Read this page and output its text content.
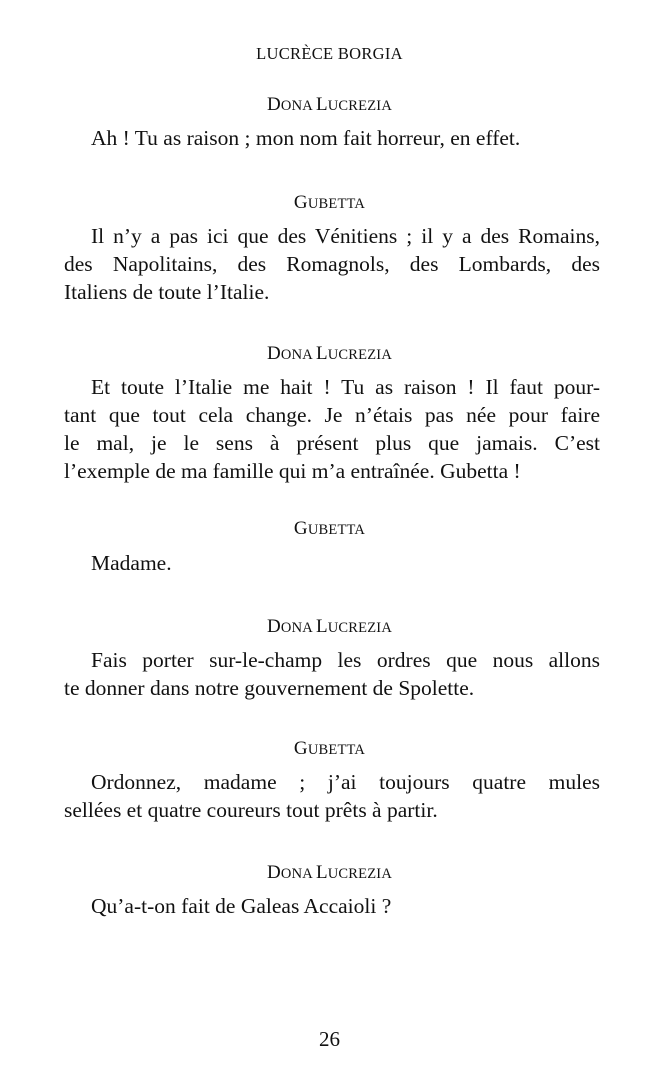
LUCRÈCE BORGIA
DONA LUCREZIA
Ah ! Tu as raison ; mon nom fait horreur, en effet.
GUBETTA
Il n’y a pas ici que des Vénitiens ; il y a des Romains,
des Napolitains, des Romagnols, des Lombards, des
Italiens de toute l’Italie.
DONA LUCREZIA
Et toute l’Italie me hait ! Tu as raison ! Il faut pour-
tant que tout cela change. Je n’étais pas née pour faire
le mal, je le sens à présent plus que jamais. C’est
l’exemple de ma famille qui m’a entraînée. Gubetta !
GUBETTA
Madame.
DONA LUCREZIA
Fais porter sur-le-champ les ordres que nous allons
te donner dans notre gouvernement de Spolette.
GUBETTA
Ordonnez, madame ; j’ai toujours quatre mules
sellées et quatre coureurs tout prêts à partir.
DONA LUCREZIA
Qu’a-t-on fait de Galeas Accaioli ?
26
